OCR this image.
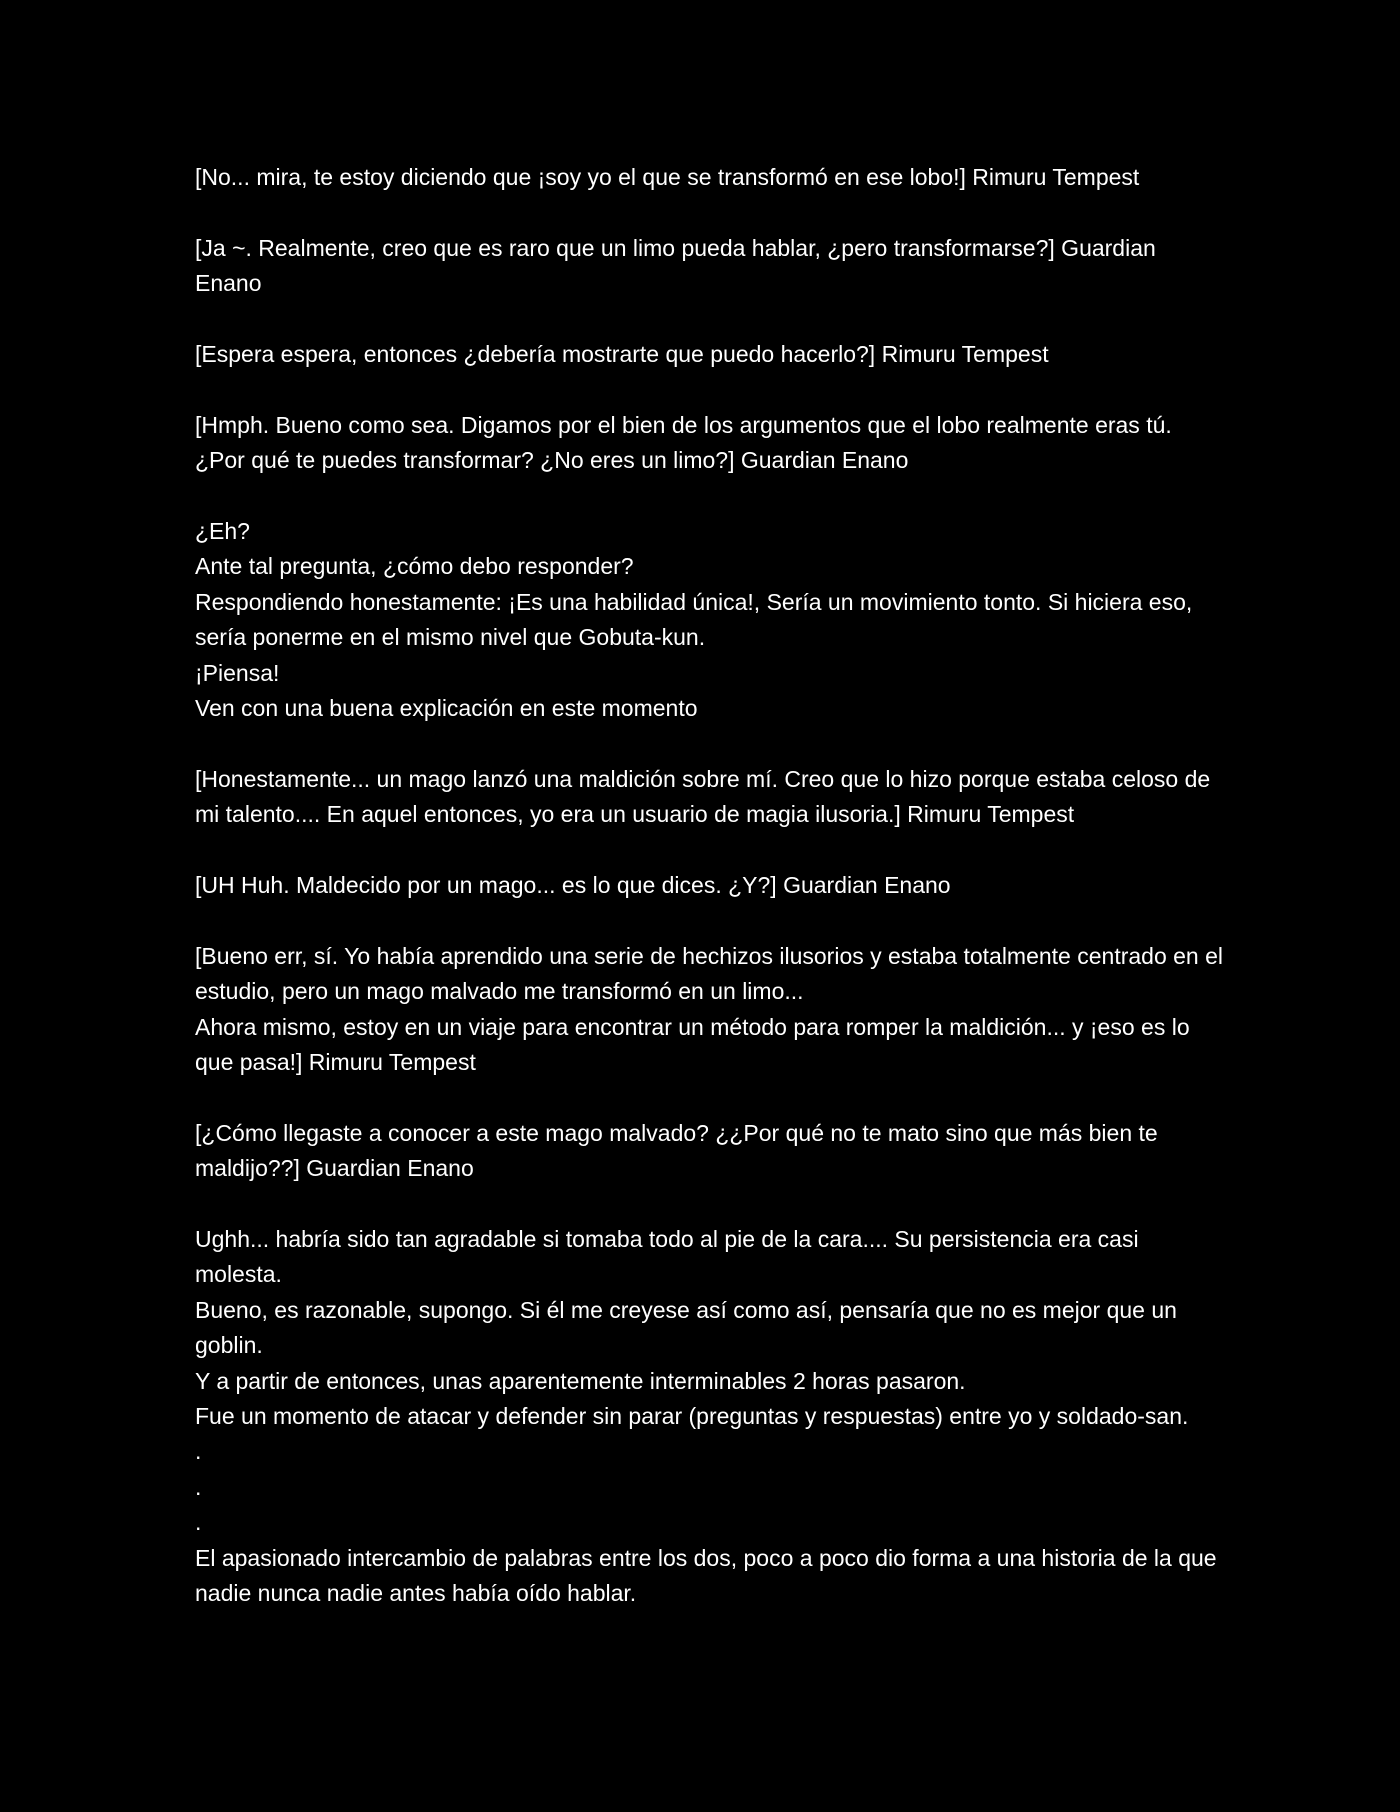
[No... mira, te estoy diciendo que ¡soy yo el que se transformó en ese lobo!] Rimuru Tempest

[Ja ~. Realmente, creo que es raro que un limo pueda hablar, ¿pero transformarse?] Guardian Enano

[Espera espera, entonces ¿debería mostrarte que puedo hacerlo?] Rimuru Tempest

[Hmph. Bueno como sea. Digamos por el bien de los argumentos que el lobo realmente eras tú. ¿Por qué te puedes transformar? ¿No eres un limo?] Guardian Enano

¿Eh?

Ante tal pregunta, ¿cómo debo responder?

Respondiendo honestamente: ¡Es una habilidad única!, Sería un movimiento tonto. Si hiciera eso, sería ponerme en el mismo nivel que Gobuta-kun.

¡Piensa!

Ven con una buena explicación en este momento

[Honestamente... un mago lanzó una maldición sobre mí. Creo que lo hizo porque estaba celoso de mi talento.... En aquel entonces, yo era un usuario de magia ilusoria.] Rimuru Tempest

[UH Huh. Maldecido por un mago... es lo que dices. ¿Y?] Guardian Enano

[Bueno err, sí. Yo había aprendido una serie de hechizos ilusorios y estaba totalmente centrado en el estudio, pero un mago malvado me transformó en un limo...

Ahora mismo, estoy en un viaje para encontrar un método para romper la maldición... y ¡eso es lo que pasa!] Rimuru Tempest

[¿Cómo llegaste a conocer a este mago malvado? ¿¿Por qué no te mato sino que más bien te maldijo??] Guardian Enano

Ughh... habría sido tan agradable si tomaba todo al pie de la cara.... Su persistencia era casi molesta.

Bueno, es razonable, supongo. Si él me creyese así como así, pensaría que no es mejor que un goblin.

Y a partir de entonces, unas aparentemente interminables 2 horas pasaron.

Fue un momento de atacar y defender sin parar (preguntas y respuestas) entre yo y soldado-san.

.

.

.

El apasionado intercambio de palabras entre los dos, poco a poco dio forma a una historia de la que nadie nunca nadie antes había oído hablar.
